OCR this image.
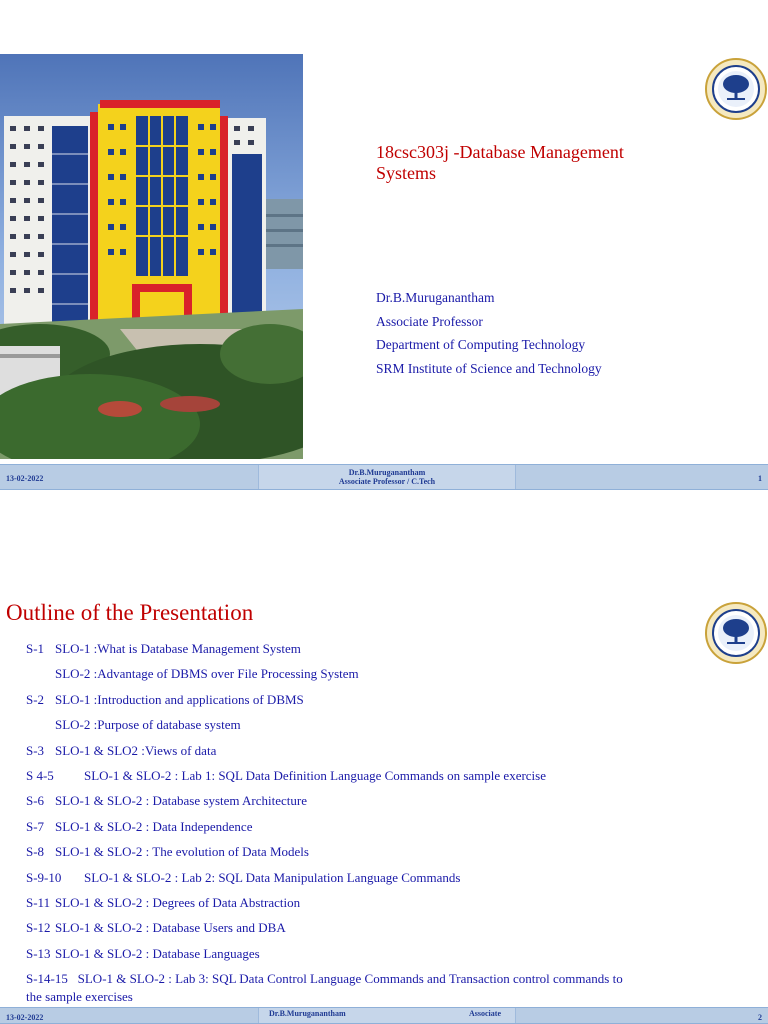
18csc303j -Database Management Systems
Dr.B.Muruganantham
Associate Professor
Department of Computing Technology
SRM Institute of Science and Technology
13-02-2022
Dr.B.Muruganantham
Associate Professor / C.Tech	1
Outline of the Presentation
S-1 SLO-1 :What is Database Management System
SLO-2 :Advantage of DBMS over File Processing System
S-2 SLO-1 :Introduction and applications of DBMS
SLO-2 :Purpose of database system
S-3 SLO-1 & SLO2 :Views of data
S 4-5 SLO-1 & SLO-2 : Lab 1: SQL Data Definition Language Commands on sample exercise
S-6 SLO-1 & SLO-2 : Database system Architecture
S-7 SLO-1 & SLO-2 : Data Independence
S-8 SLO-1 & SLO-2 : The evolution of Data Models
S-9-10 SLO-1 & SLO-2 : Lab 2: SQL Data Manipulation Language Commands
S-11 SLO-1 & SLO-2 : Degrees of Data Abstraction
S-12 SLO-1 & SLO-2 : Database Users and DBA
S-13 SLO-1 & SLO-2 : Database Languages
S-14-15 SLO-1 & SLO-2 : Lab 3: SQL Data Control Language Commands and Transaction control commands to the sample exercises
13-02-2022	Dr.B.Muruganantham	Associate	2
